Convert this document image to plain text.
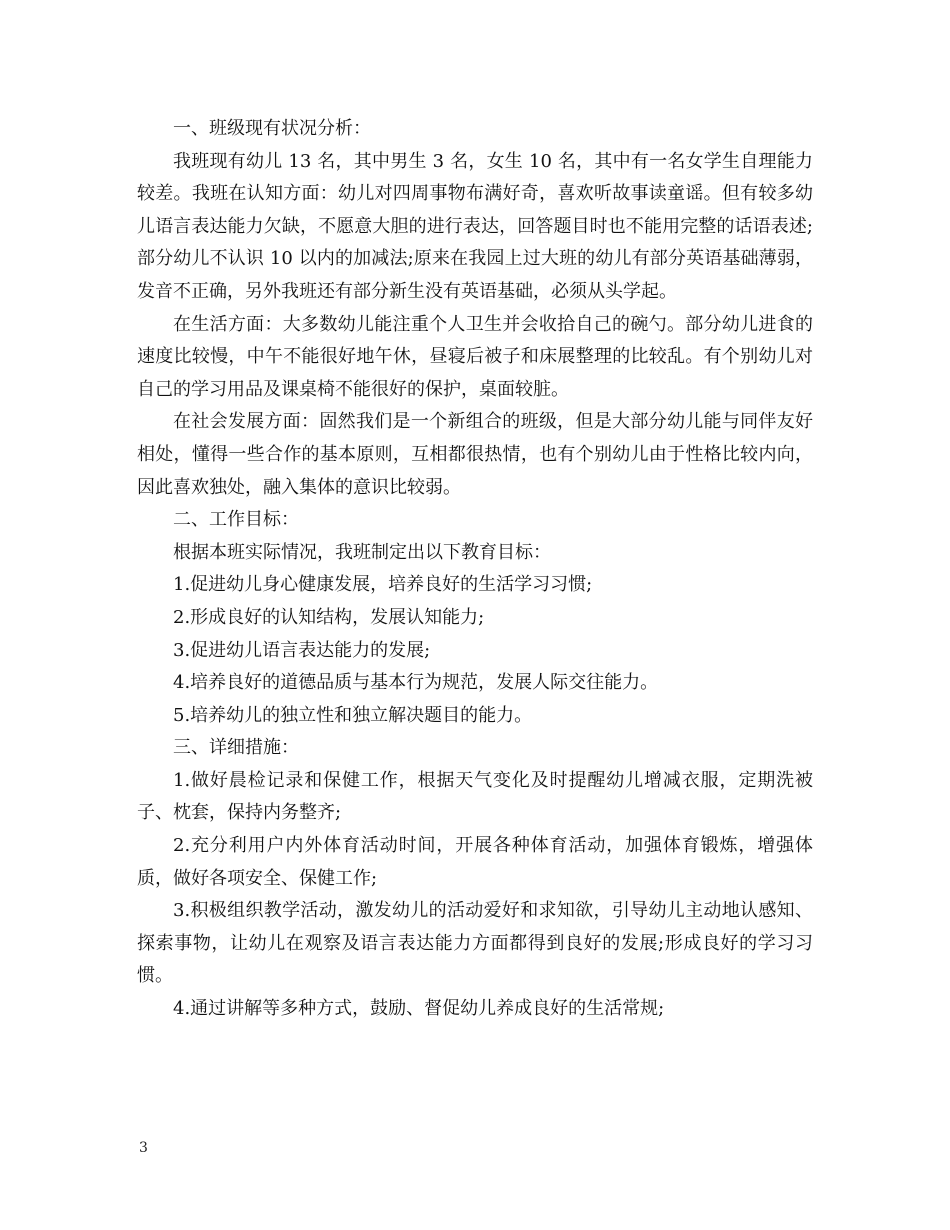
一、班级现有状况分析：

我班现有幼儿 13 名，其中男生 3 名，女生 10 名，其中有一名女学生自理能力较差。我班在认知方面：幼儿对四周事物布满好奇，喜欢听故事读童谣。但有较多幼儿语言表达能力欠缺，不愿意大胆的进行表达，回答题目时也不能用完整的话语表述;部分幼儿不认识 10 以内的加减法;原来在我园上过大班的幼儿有部分英语基础薄弱，发音不正确，另外我班还有部分新生没有英语基础，必须从头学起。

在生活方面：大多数幼儿能注重个人卫生并会收拾自己的碗勺。部分幼儿进食的速度比较慢，中午不能很好地午休，昼寝后被子和床展整理的比较乱。有个别幼儿对自己的学习用品及课桌椅不能很好的保护，桌面较脏。

在社会发展方面：固然我们是一个新组合的班级，但是大部分幼儿能与同伴友好相处，懂得一些合作的基本原则，互相都很热情，也有个别幼儿由于性格比较内向，因此喜欢独处，融入集体的意识比较弱。

二、工作目标：

根据本班实际情况，我班制定出以下教育目标：

1.促进幼儿身心健康发展，培养良好的生活学习习惯;

2.形成良好的认知结构，发展认知能力;

3.促进幼儿语言表达能力的发展;

4.培养良好的道德品质与基本行为规范，发展人际交往能力。

5.培养幼儿的独立性和独立解决题目的能力。

三、详细措施：

1.做好晨检记录和保健工作，根据天气变化及时提醒幼儿增减衣服，定期洗被子、枕套，保持内务整齐;

2.充分利用户内外体育活动时间，开展各种体育活动，加强体育锻炼，增强体质，做好各项安全、保健工作;

3.积极组织教学活动，激发幼儿的活动爱好和求知欲，引导幼儿主动地认感知、探索事物，让幼儿在观察及语言表达能力方面都得到良好的发展;形成良好的学习习惯。

4.通过讲解等多种方式，鼓励、督促幼儿养成良好的生活常规;

3
